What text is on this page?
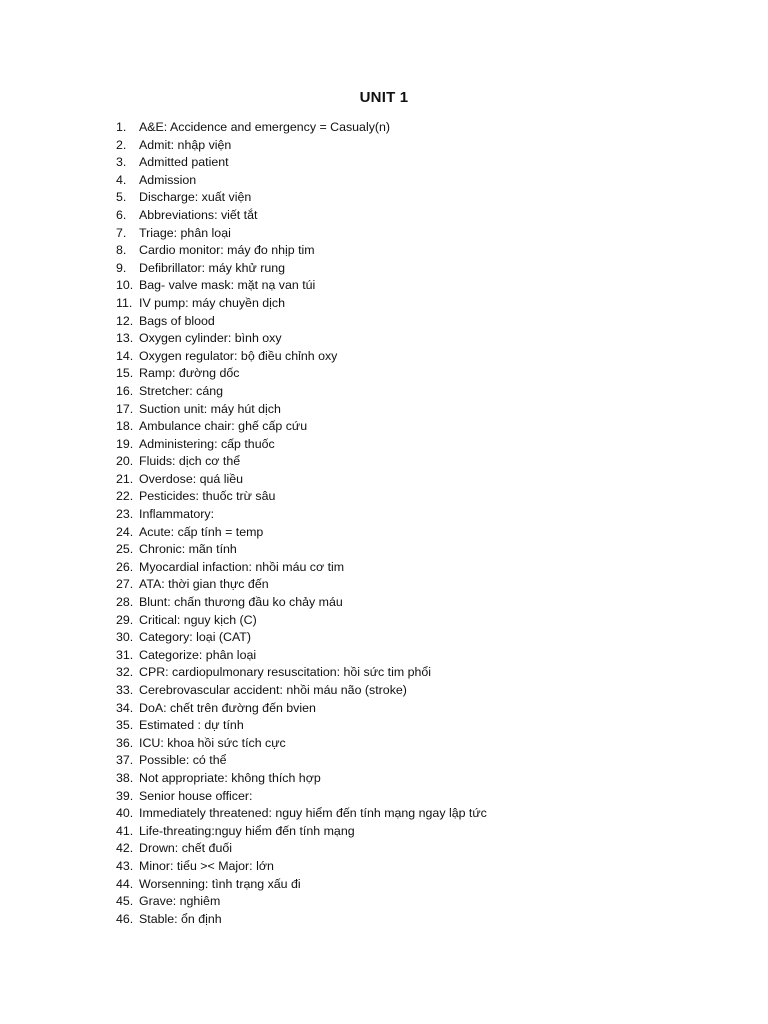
UNIT 1
1.	A&E: Accidence and emergency = Casualy(n)
2.	Admit: nhập viện
3.	Admitted patient
4.	Admission
5.	Discharge: xuất viện
6.	Abbreviations: viết tắt
7.	Triage: phân loại
8.	Cardio monitor: máy đo nhịp tim
9.	Defibrillator: máy khử rung
10. Bag- valve mask: mặt nạ van túi
11. IV pump: máy chuyền dịch
12. Bags of blood
13. Oxygen cylinder: bình oxy
14. Oxygen regulator: bộ điều chỉnh oxy
15. Ramp: đường dốc
16. Stretcher: cáng
17. Suction unit: máy hút dịch
18. Ambulance chair: ghế cấp cứu
19. Administering: cấp thuốc
20. Fluids: dịch cơ thể
21. Overdose: quá liều
22. Pesticides: thuốc trừ sâu
23. Inflammatory:
24. Acute: cấp tính = temp
25. Chronic: mãn tính
26. Myocardial infaction: nhồi máu cơ tim
27. ATA: thời gian thực đến
28. Blunt: chấn thương đầu ko chảy máu
29. Critical: nguy kịch (C)
30. Category: loại (CAT)
31. Categorize: phân loại
32. CPR: cardiopulmonary resuscitation: hồi sức tim phổi
33. Cerebrovascular accident: nhồi máu não (stroke)
34. DoA: chết trên đường đến bvien
35. Estimated : dự tính
36. ICU: khoa hồi sức tích cực
37. Possible: có thể
38. Not appropriate: không thích hợp
39. Senior house officer:
40. Immediately threatened: nguy hiểm đến tính mạng ngay lập tức
41. Life-threating:nguy hiểm đến tính mạng
42. Drown: chết đuối
43. Minor: tiểu >< Major: lớn
44. Worsenning: tình trạng xấu đi
45. Grave: nghiêm
46. Stable: ổn định
